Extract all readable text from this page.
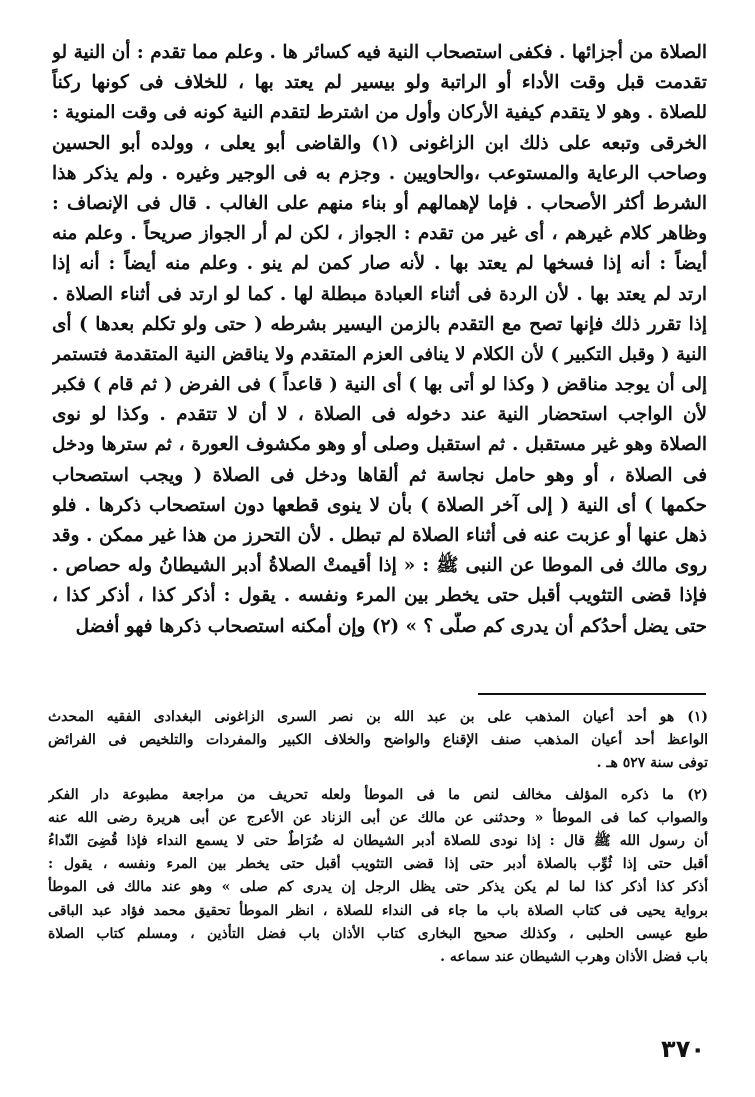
الصلاة من أجزائها . فكفى استصحاب النية فيه كسائر ها . وعلم مما تقدم : أن النية لو
تقدمت قبل وقت الأداء أو الراتبة ولو بيسير لم يعتد بها ، للخلاف فى كونها ركناً
للصلاة . وهو لا يتقدم كيفية الأركان وأول من اشترط لتقدم النية كونه فى وقت المنوية :
الخرقى وتبعه على ذلك ابن الزاغونى (١) والقاضى أبو يعلى ، وولده أبو الحسين
وصاحب الرعاية والمستوعب ،والحاويين . وجزم به فى الوجير وغيره . ولم يذكر هذا
الشرط أكثر الأصحاب . فإما لإهمالهم أو بناء منهم على الغالب . قال فى الإنصاف :
وظاهر كلام غيرهم ، أى غير من تقدم : الجواز ، لكن لم أر الجواز صريحاً . وعلم منه
أيضاً : أنه إذا فسخها لم يعتد بها . لأنه صار كمن لم ينو . وعلم منه أيضاً : أنه إذا
ارتد لم يعتد بها . لأن الردة فى أثناء العبادة مبطلة لها . كما لو ارتد فى أثناء الصلاة .
إذا تقرر ذلك فإنها تصح مع التقدم بالزمن اليسير بشرطه ( حتى ولو تكلم بعدها ) أى
النية ( وقبل التكبير ) لأن الكلام لا ينافى العزم المتقدم ولا يناقض النية المتقدمة فتستمر
إلى أن يوجد مناقض ( وكذا لو أتى بها ) أى النية ( قاعداً ) فى الفرض ( ثم قام ) فكبر
لأن الواجب استحضار النية عند دخوله فى الصلاة ، لا أن لا تتقدم . وكذا لو نوى
الصلاة وهو غير مستقبل . ثم استقبل وصلى أو وهو مكشوف العورة ، ثم سترها ودخل
فى الصلاة ، أو وهو حامل نجاسة ثم ألقاها ودخل فى الصلاة ( ويجب استصحاب
حكمها ) أى النية ( إلى آخر الصلاة ) بأن لا ينوى قطعها دون استصحاب ذكرها . فلو
ذهل عنها أو عزبت عنه فى أثناء الصلاة لم تبطل . لأن التحرز من هذا غير ممكن . وقد
روى مالك فى الموطا عن النبى ﷺ : « إذا أقيمتْ الصلاةُ أدبر الشيطانُ وله حصاص .
فإذا قضى التثويب أقبل حتى يخطر بين المرء ونفسه . يقول : أذكر كذا ، أذكر كذا ،
حتى يضل أحدُكم أن يدرى كم صلّى ؟ » (٢) وإن أمكنه استصحاب ذكرها فهو أفضل
(١) هو أحد أعيان المذهب على بن عبد الله بن نصر السرى الزاغونى البغدادى الفقيه المحدث
الواعظ أحد أعيان المذهب صنف الإقناع والواضح والخلاف الكبير والمفردات والتلخيص فى الفرائض
توفى سنة ٥٢٧ هـ .
(٢) ما ذكره المؤلف مخالف لنص ما فى الموطأ ولعله تحريف من مراجعة مطبوعة دار الفكر
والصواب كما فى الموطأ « وحدثنى عن مالك عن أبى الزناد عن الأعرج عن أبى هريرة رضى الله عنه
أن رسول الله ﷺ قال : إذا نودى للصلاة أدبر الشيطان له ضُرَاطٌ حتى لا يسمع النداء فإذا قُضِىَ النّداءُ
أقبل حتى إذا ثُوِّب بالصلاة أدبر حتى إذا قضى التثويب أقبل حتى يخطر بين المرء ونفسه ، يقول :
أذكر كذا أذكر كذا لما لم يكن يذكر حتى يظل الرجل إن يدرى كم صلى » وهو عند مالك فى الموطأ
برواية يحيى فى كتاب الصلاة باب ما جاء فى النداء للصلاة ، انظر الموطأ تحقيق محمد فؤاد عبد الباقى
طبع عيسى الحلبى ، وكذلك صحيح البخارى كتاب الأذان باب فضل التأذين ، ومسلم كتاب الصلاة
باب فضل الأذان وهرب الشيطان عند سماعه .
٣٧٠
